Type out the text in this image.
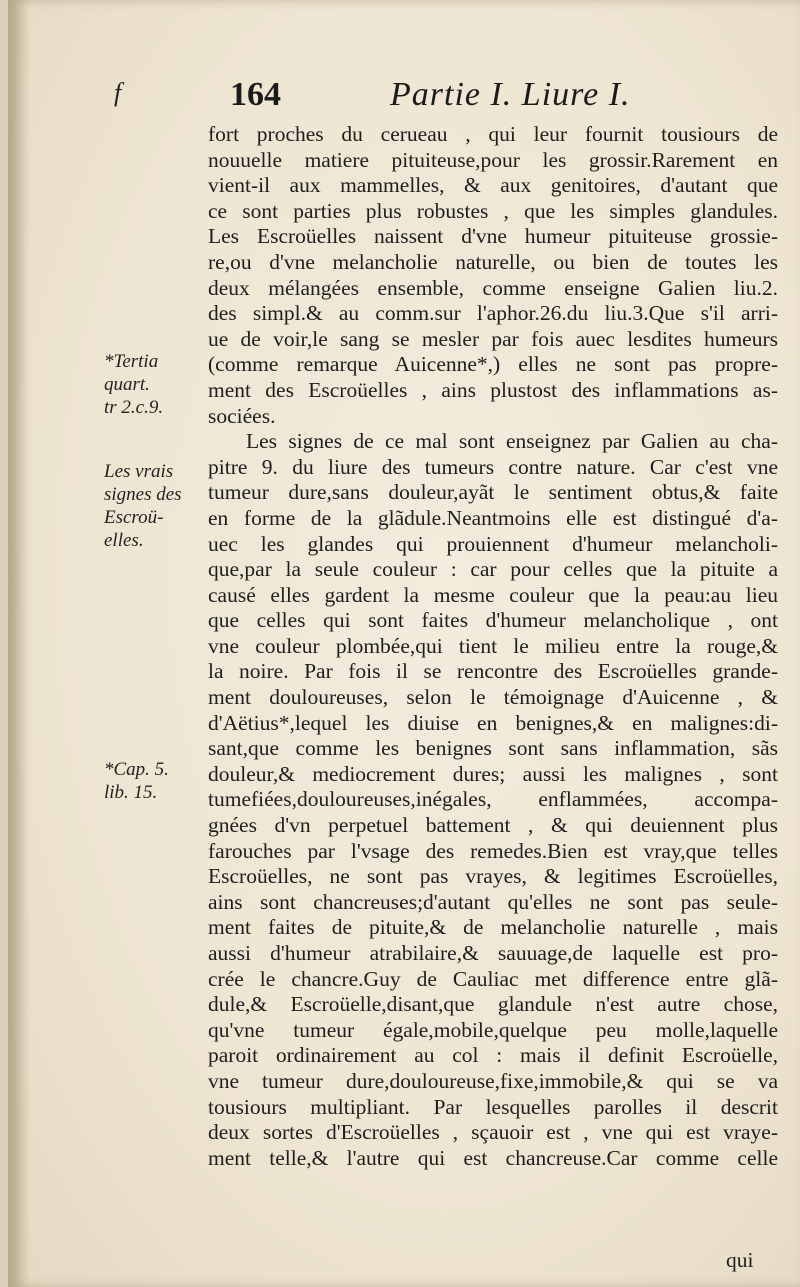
f	164	Partie I. Liure I.
*Tertia
quart.
tr 2.c.9.
Les vrais
signes des
Escroü-
elles.
*Cap. 5.
lib. 15.
fort proches du cerueau , qui leur fournit tousiours de
nouuelle matiere pituiteuse,pour les grossir.Rarement en
vient-il aux mammelles, & aux genitoires, d'autant que
ce sont parties plus robustes , que les simples glandules.
Les Escroüelles naissent d'vne humeur pituiteuse grossie-
re,ou d'vne melancholie naturelle, ou bien de toutes les
deux mélangées ensemble, comme enseigne Galien liu.2.
des simpl.& au comm.sur l'aphor.26.du liu.3.Que s'il arri-
ue de voir,le sang se mesler par fois auec lesdites humeurs
(comme remarque Auicenne*,) elles ne sont pas propre-
ment des Escroüelles , ains plustost des inflammations as-
sociées.
Les signes de ce mal sont enseignez par Galien au cha-
pitre 9. du liure des tumeurs contre nature. Car c'est vne
tumeur dure,sans douleur,ayãt le sentiment obtus,& faite
en forme de la glãdule.Neantmoins elle est distingué d'a-
uec les glandes qui prouiennent d'humeur melancholi-
que,par la seule couleur : car pour celles que la pituite a
causé elles gardent la mesme couleur que la peau:au lieu
que celles qui sont faites d'humeur melancholique , ont
vne couleur plombée,qui tient le milieu entre la rouge,&
la noire. Par fois il se rencontre des Escroüelles grande-
ment douloureuses, selon le témoignage d'Auicenne , &
d'Aëtius*,lequel les diuise en benignes,& en malignes:di-
sant,que comme les benignes sont sans inflammation, sãs
douleur,& mediocrement dures; aussi les malignes , sont
tumefiées,douloureuses,inégales, enflammées, accompa-
gnées d'vn perpetuel battement , & qui deuiennent plus
farouches par l'vsage des remedes.Bien est vray,que telles
Escroüelles, ne sont pas vrayes, & legitimes Escroüelles,
ains sont chancreuses;d'autant qu'elles ne sont pas seule-
ment faites de pituite,& de melancholie naturelle , mais
aussi d'humeur atrabilaire,& sauuage,de laquelle est pro-
crée le chancre.Guy de Cauliac met difference entre glã-
dule,& Escroüelle,disant,que glandule n'est autre chose,
qu'vne tumeur égale,mobile,quelque peu molle,laquelle
paroit ordinairement au col : mais il definit Escroüelle,
vne tumeur dure,douloureuse,fixe,immobile,& qui se va
tousiours multipliant. Par lesquelles parolles il descrit
deux sortes d'Escroüelles , sçauoir est , vne qui est vraye-
ment telle,& l'autre qui est chancreuse.Car comme celle
qui
